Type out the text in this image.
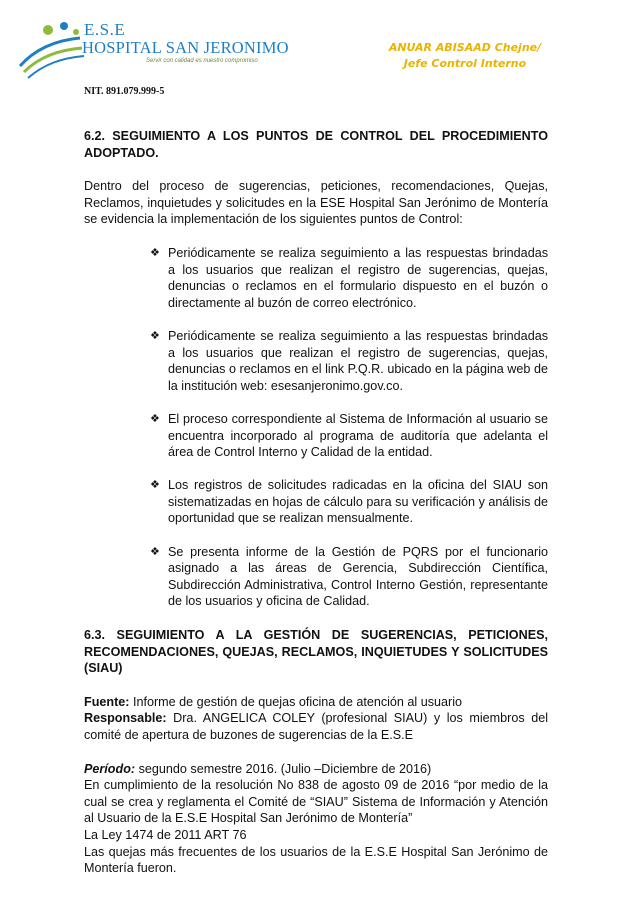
E.S.E
HOSPITAL SAN JERONIMO
Servir con calidad es nuestro compromiso
ANUAR ABISAAD Chejne/
Jefe Control Interno
NIT. 891.079.999-5

6.2. SEGUIMIENTO A LOS PUNTOS DE CONTROL DEL PROCEDIMIENTO ADOPTADO.

Dentro del proceso de sugerencias, peticiones, recomendaciones, Quejas, Reclamos, inquietudes y solicitudes en la ESE Hospital San Jerónimo de Montería se evidencia la implementación de los siguientes puntos de Control:

❖ Periódicamente se realiza seguimiento a las respuestas brindadas a los usuarios que realizan el registro de sugerencias, quejas, denuncias o reclamos en el formulario dispuesto en el buzón o directamente al buzón de correo electrónico.
❖ Periódicamente se realiza seguimiento a las respuestas brindadas a los usuarios que realizan el registro de sugerencias, quejas, denuncias o reclamos en el link P.Q.R. ubicado en la página web de la institución web: esesanjeronimo.gov.co.
❖ El proceso correspondiente al Sistema de Información al usuario se encuentra incorporado al programa de auditoría que adelanta el área de Control Interno y Calidad de la entidad.
❖ Los registros de solicitudes radicadas en la oficina del SIAU son sistematizadas en hojas de cálculo para su verificación y análisis de oportunidad que se realizan mensualmente.
❖ Se presenta informe de la Gestión de PQRS por el funcionario asignado a las áreas de Gerencia, Subdirección Científica, Subdirección Administrativa, Control Interno Gestión, representante de los usuarios y oficina de Calidad.

6.3. SEGUIMIENTO A LA GESTIÓN DE SUGERENCIAS, PETICIONES, RECOMENDACIONES, QUEJAS, RECLAMOS, INQUIETUDES Y SOLICITUDES (SIAU)

Fuente: Informe de gestión de quejas oficina de atención al usuario

Responsable: Dra. ANGELICA COLEY (profesional SIAU) y los miembros del comité de apertura de buzones de sugerencias de la E.S.E

Período: segundo semestre 2016. (Julio –Diciembre de 2016)

En cumplimiento de la resolución No 838 de agosto 09 de 2016 “por medio de la cual se crea y reglamenta el Comité de “SIAU” Sistema de Información y Atención al Usuario de la E.S.E Hospital San Jerónimo de Montería”

La Ley 1474 de 2011 ART 76

Las quejas más frecuentes de los usuarios de la E.S.E Hospital San Jerónimo de Montería fueron.
